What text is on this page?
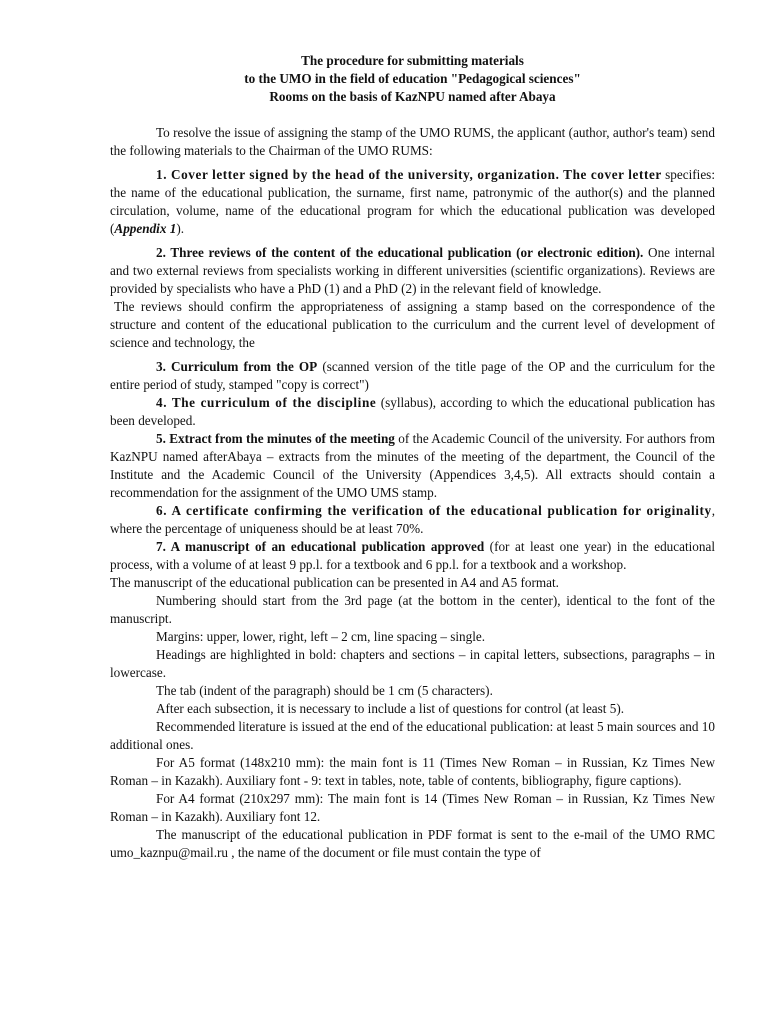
The procedure for submitting materials
to the UMO in the field of education "Pedagogical sciences"
Rooms on the basis of KazNPU named after Abaya

To resolve the issue of assigning the stamp of the UMO RUMS, the applicant (author, author's team) send the following materials to the Chairman of the UMO RUMS:

1. Cover letter signed by the head of the university, organization. The cover letter specifies: the name of the educational publication, the surname, first name, patronymic of the author(s) and the planned circulation, volume, name of the educational program for which the educational publication was developed (Appendix 1).

2. Three reviews of the content of the educational publication (or electronic edition). One internal and two external reviews from specialists working in different universities (scientific organizations). Reviews are provided by specialists who have a PhD (1) and a PhD (2) in the relevant field of knowledge.

The reviews should confirm the appropriateness of assigning a stamp based on the correspondence of the structure and content of the educational publication to the curriculum and the current level of development of science and technology, the

3. Curriculum from the OP (scanned version of the title page of the OP and the curriculum for the entire period of study, stamped "copy is correct")

4. The curriculum of the discipline (syllabus), according to which the educational publication has been developed.

5. Extract from the minutes of the meeting of the Academic Council of the university. For authors from KazNPU named afterAbaya – extracts from the minutes of the meeting of the department, the Council of the Institute and the Academic Council of the University (Appendices 3,4,5). All extracts should contain a recommendation for the assignment of the UMO UMS stamp.

6. A certificate confirming the verification of the educational publication for originality, where the percentage of uniqueness should be at least 70%.

7. A manuscript of an educational publication approved (for at least one year) in the educational process, with a volume of at least 9 pp.l. for a textbook and 6 pp.l. for a textbook and a workshop.

The manuscript of the educational publication can be presented in A4 and A5 format.

Numbering should start from the 3rd page (at the bottom in the center), identical to the font of the manuscript.

Margins: upper, lower, right, left – 2 cm, line spacing – single.

Headings are highlighted in bold: chapters and sections – in capital letters, subsections, paragraphs – in lowercase.

The tab (indent of the paragraph) should be 1 cm (5 characters).

After each subsection, it is necessary to include a list of questions for control (at least 5).

Recommended literature is issued at the end of the educational publication: at least 5 main sources and 10 additional ones.

For A5 format (148x210 mm): the main font is 11 (Times New Roman – in Russian, Kz Times New Roman – in Kazakh). Auxiliary font - 9: text in tables, note, table of contents, bibliography, figure captions).

For A4 format (210x297 mm): The main font is 14 (Times New Roman – in Russian, Kz Times New Roman – in Kazakh). Auxiliary font 12.

The manuscript of the educational publication in PDF format is sent to the e-mail of the UMO RMC umo_kaznpu@mail.ru , the name of the document or file must contain the type of
